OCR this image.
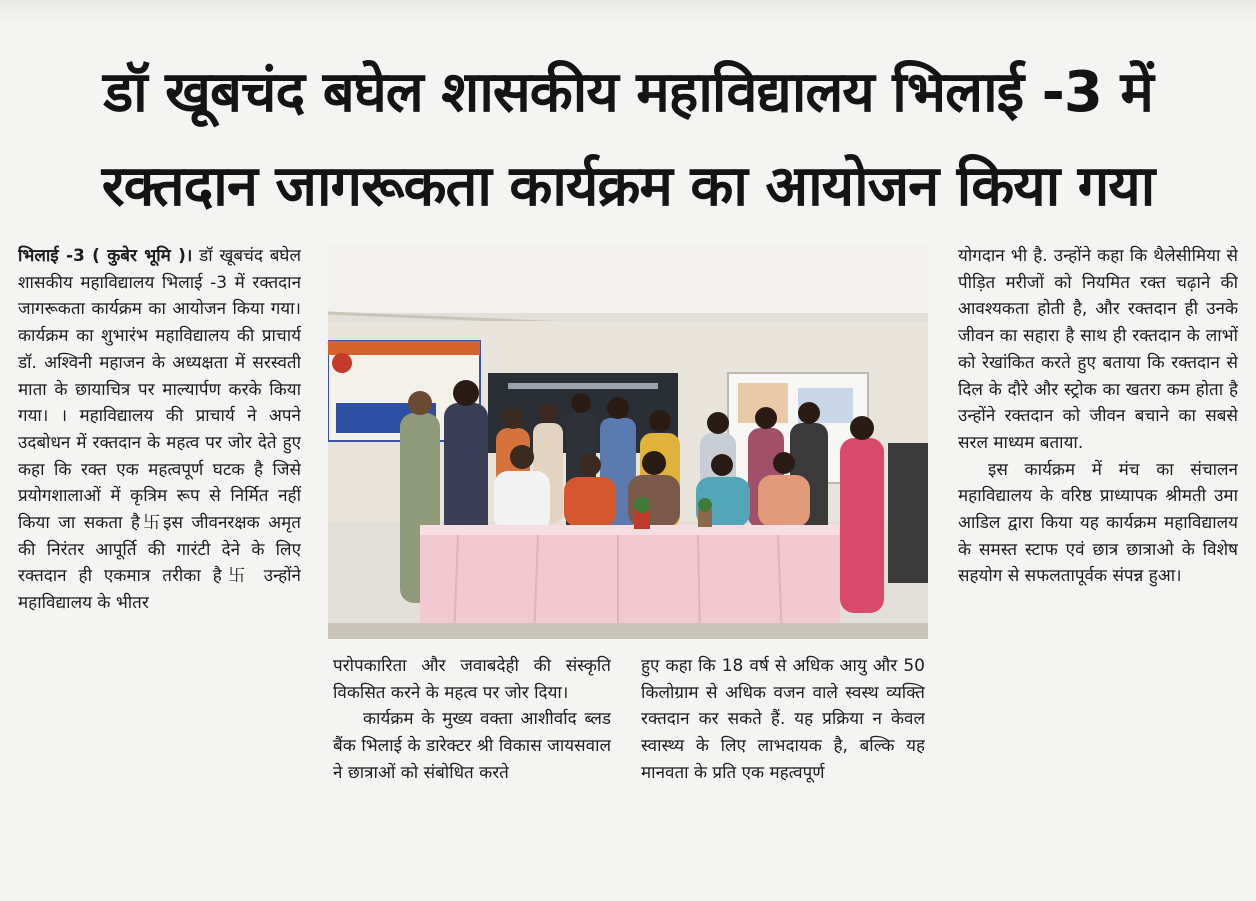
डॉ खूबचंद बघेल शासकीय महाविद्यालय भिलाई -3 में
रक्तदान जागरूकता कार्यक्रम का आयोजन किया गया

भिलाई -3 ( कुबेर भूमि )। डॉ खूबचंद बघेल शासकीय महाविद्यालय भिलाई -3 में रक्तदान जागरूकता कार्यक्रम का आयोजन किया गया। कार्यक्रम का शुभारंभ महाविद्यालय की प्राचार्य डॉ. अश्विनी महाजन के अध्यक्षता में सरस्वती माता के छायाचित्र पर माल्यार्पण करके किया गया। । महाविद्यालय की प्राचार्य ने अपने उदबोधन में रक्तदान के महत्व पर जोर देते हुए कहा कि रक्त एक महत्वपूर्ण घटक है जिसे प्रयोगशालाओं में कृत्रिम रूप से निर्मित नहीं किया जा सकता है卐इस जीवनरक्षक अमृत की निरंतर आपूर्ति की गारंटी देने के लिए रक्तदान ही एकमात्र तरीका है卐 उन्होंने महाविद्यालय के भीतर

परोपकारिता और जवाबदेही की संस्कृति विकसित करने के महत्व पर जोर दिया।

कार्यक्रम के मुख्य वक्ता आशीर्वाद ब्लड बैंक भिलाई के डारेक्टर श्री विकास जायसवाल ने छात्राओं को संबोधित करते

हुए कहा कि 18 वर्ष से अधिक आयु और 50 किलोग्राम से अधिक वजन वाले स्वस्थ व्यक्ति रक्तदान कर सकते हैं. यह प्रक्रिया न केवल स्वास्थ्य के लिए लाभदायक है, बल्कि यह मानवता के प्रति एक महत्वपूर्ण

योगदान भी है. उन्होंने कहा कि थैलेसीमिया से पीड़ित मरीजों को नियमित रक्त चढ़ाने की आवश्यकता होती है, और रक्तदान ही उनके जीवन का सहारा है साथ ही रक्तदान के लाभों को रेखांकित करते हुए बताया कि रक्तदान से दिल के दौरे और स्ट्रोक का खतरा कम होता है उन्होंने रक्तदान को जीवन बचाने का सबसे सरल माध्यम बताया.

इस कार्यक्रम में मंच का संचालन महाविद्यालय के वरिष्ठ प्राध्यापक श्रीमती उमा आडिल द्वारा किया यह कार्यक्रम महाविद्यालय के समस्त स्टाफ एवं छात्र छात्राओ के विशेष सहयोग से सफलतापूर्वक संपन्न हुआ।
